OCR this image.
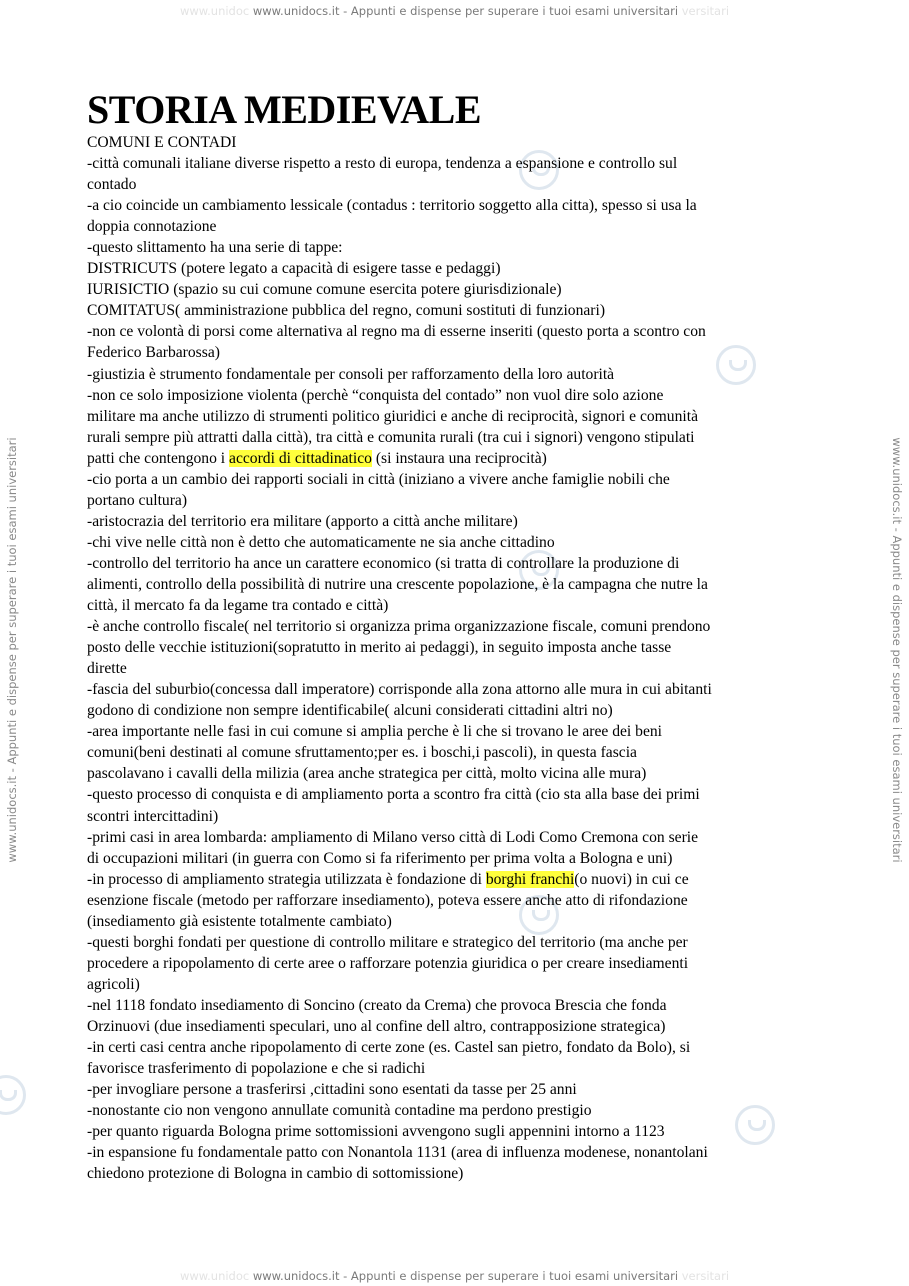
www.unidoc www.unidocs.it - Appunti e dispense per superare i tuoi esami universitari versitari
www.unidocs.it - Appunti e dispense per superare i tuoi esami universitari	www.unidocs.it - Appunti e dispense per superare i tuoi esami universitari
STORIA MEDIEVALE
COMUNI E CONTADI
-città comunali italiane diverse rispetto a resto di europa, tendenza a espansione e controllo sul
contado
-a cio coincide un cambiamento lessicale (contadus : territorio soggetto alla citta), spesso si usa la
doppia connotazione
-questo slittamento ha una serie di tappe:
DISTRICUTS (potere legato a capacità di esigere tasse e pedaggi)
IURISICTIO (spazio su cui comune comune esercita potere giurisdizionale)
COMITATUS( amministrazione pubblica del regno, comuni sostituti di funzionari)
-non ce volontà di porsi come alternativa al regno ma di esserne inseriti (questo porta a scontro con
Federico Barbarossa)
-giustizia è strumento fondamentale per consoli per rafforzamento della loro autorità
-non ce solo imposizione violenta (perchè “conquista del contado” non vuol dire solo azione
militare ma anche utilizzo di strumenti politico giuridici e anche di reciprocità, signori e comunità
rurali sempre più attratti dalla città), tra città e comunita rurali (tra cui i signori) vengono stipulati
patti che contengono i accordi di cittadinatico (si instaura una reciprocità)
-cio porta a un cambio dei rapporti sociali in città (iniziano a vivere anche famiglie nobili che
portano cultura)
-aristocrazia del territorio era militare (apporto a città anche militare)
-chi vive nelle città non è detto che automaticamente ne sia anche cittadino
-controllo del territorio ha ance un carattere economico (si tratta di controllare la produzione di
alimenti, controllo della possibilità di nutrire una crescente popolazione, è la campagna che nutre la
città, il mercato fa da legame tra contado e città)
-è anche controllo fiscale( nel territorio si organizza prima organizzazione fiscale, comuni prendono
posto delle vecchie istituzioni(sopratutto in merito ai pedaggi), in seguito imposta anche tasse
dirette
-fascia del suburbio(concessa dall imperatore) corrisponde alla zona attorno alle mura in cui abitanti
godono di condizione non sempre identificabile( alcuni considerati cittadini altri no)
-area importante nelle fasi in cui comune si amplia perche è li che si trovano le aree dei beni
comuni(beni destinati al comune sfruttamento;per es. i boschi,i pascoli), in questa fascia
pascolavano i cavalli della milizia (area anche strategica per città, molto vicina alle mura)
-questo processo di conquista e di ampliamento porta a scontro fra città (cio sta alla base dei primi
scontri intercittadini)
-primi casi in area lombarda: ampliamento di Milano verso città di Lodi Como Cremona con serie
di occupazioni militari (in guerra con Como si fa riferimento per prima volta a Bologna e uni)
-in processo di ampliamento strategia utilizzata è fondazione di borghi franchi(o nuovi) in cui ce
esenzione fiscale (metodo per rafforzare insediamento), poteva essere anche atto di rifondazione
(insediamento già esistente totalmente cambiato)
-questi borghi fondati per questione di controllo militare e strategico del territorio (ma anche per
procedere a ripopolamento di certe aree o rafforzare potenzia giuridica o per creare insediamenti
agricoli)
-nel 1118 fondato insediamento di Soncino (creato da Crema) che provoca Brescia che fonda
Orzinuovi (due insediamenti speculari, uno al confine dell altro, contrapposizione strategica)
-in certi casi centra anche ripopolamento di certe zone (es. Castel san pietro, fondato da Bolo), si
favorisce trasferimento di popolazione e che si radichi
-per invogliare persone a trasferirsi ,cittadini sono esentati da tasse per 25 anni
-nonostante cio non vengono annullate comunità contadine ma perdono prestigio
-per quanto riguarda Bologna prime sottomissioni avvengono sugli appennini intorno a 1123
-in espansione fu fondamentale patto con Nonantola 1131 (area di influenza modenese, nonantolani
chiedono protezione di Bologna in cambio di sottomissione)
www.unidoc www.unidocs.it - Appunti e dispense per superare i tuoi esami universitari versitari
